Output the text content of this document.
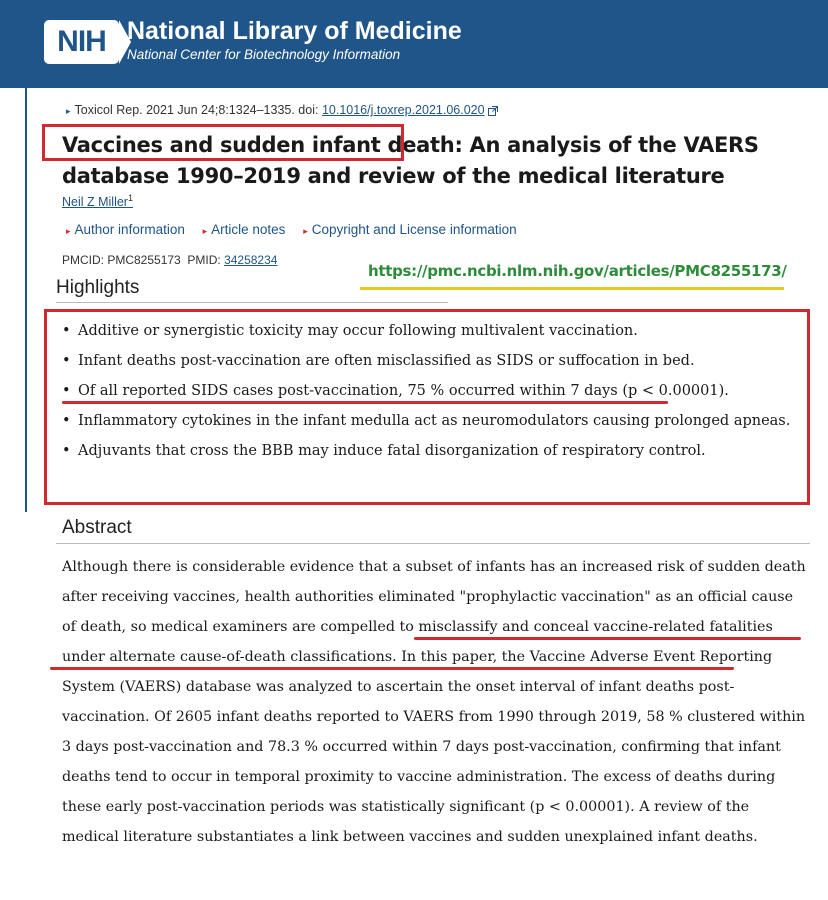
NIH National Library of Medicine
National Center for Biotechnology Information
▸ Toxicol Rep. 2021 Jun 24;8:1324–1335. doi: 10.1016/j.toxrep.2021.06.020
Vaccines and sudden infant death: An analysis of the VAERS database 1990–2019 and review of the medical literature
Neil Z Miller$^1$
▸ Author information ▸ Article notes ▸ Copyright and License information
PMCID: PMC8255173 PMID: 34258234
https://pmc.ncbi.nlm.nih.gov/articles/PMC8255173/
Highlights
• Additive or synergistic toxicity may occur following multivalent vaccination.
• Infant deaths post-vaccination are often misclassified as SIDS or suffocation in bed.
• Of all reported SIDS cases post-vaccination, 75 % occurred within 7 days (p < 0.00001).
• Inflammatory cytokines in the infant medulla act as neuromodulators causing prolonged apneas.
• Adjuvants that cross the BBB may induce fatal disorganization of respiratory control.
Abstract

Although there is considerable evidence that a subset of infants has an increased risk of sudden death after receiving vaccines, health authorities eliminated "prophylactic vaccination" as an official cause of death, so medical examiners are compelled to misclassify and conceal vaccine-related fatalities under alternate cause-of-death classifications. In this paper, the Vaccine Adverse Event Reporting System (VAERS) database was analyzed to ascertain the onset interval of infant deaths post-vaccination. Of 2605 infant deaths reported to VAERS from 1990 through 2019, 58 % clustered within 3 days post-vaccination and 78.3 % occurred within 7 days post-vaccination, confirming that infant deaths tend to occur in temporal proximity to vaccine administration. The excess of deaths during these early post-vaccination periods was statistically significant (p < 0.00001). A review of the medical literature substantiates a link between vaccines and sudden unexplained infant deaths.
